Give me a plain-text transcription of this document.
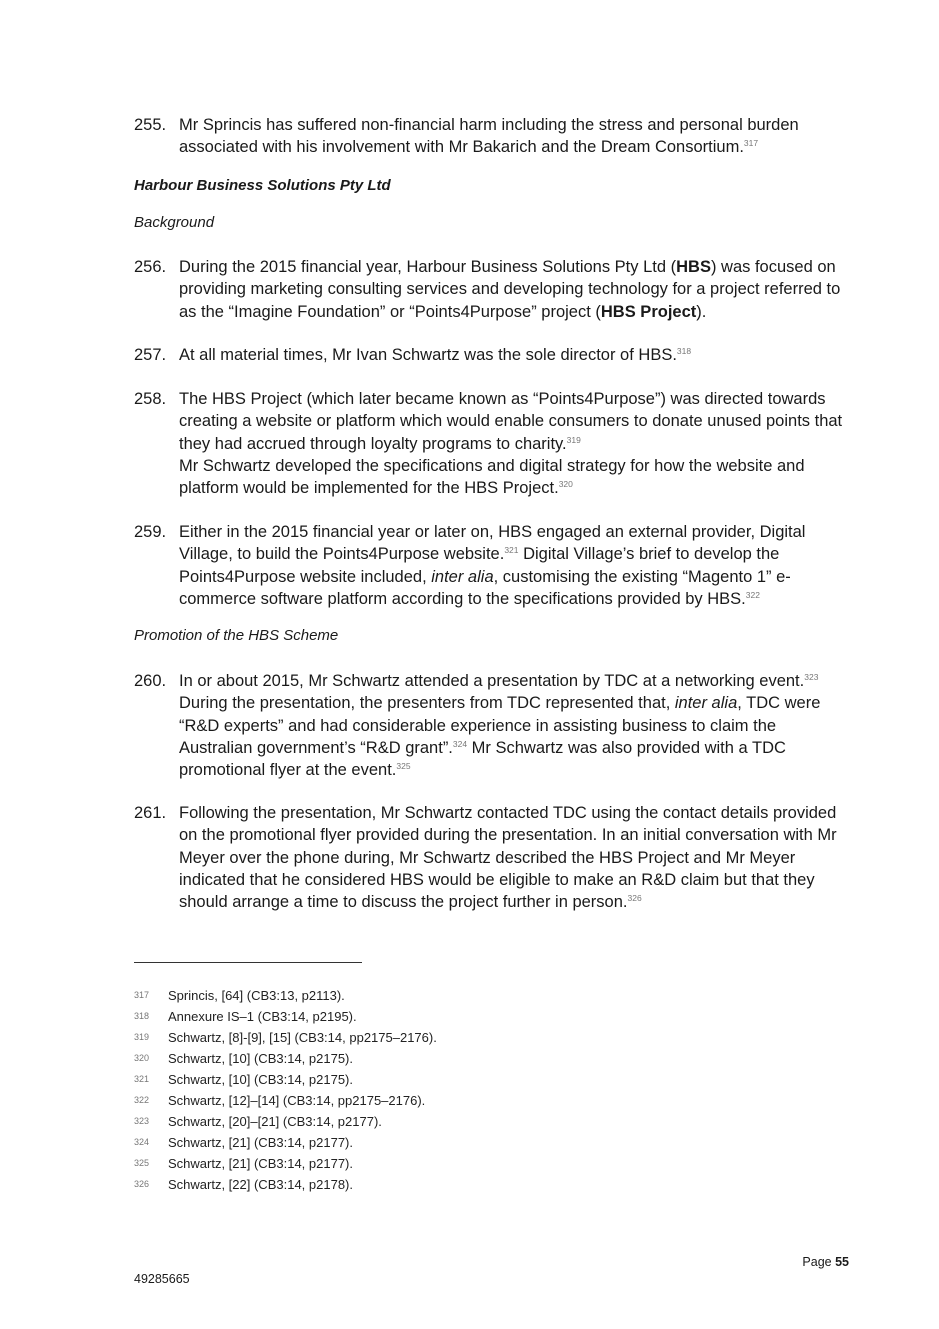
255. Mr Sprincis has suffered non-financial harm including the stress and personal burden associated with his involvement with Mr Bakarich and the Dream Consortium.$^{317}$
Harbour Business Solutions Pty Ltd
Background
256. During the 2015 financial year, Harbour Business Solutions Pty Ltd (HBS) was focused on providing marketing consulting services and developing technology for a project referred to as the “Imagine Foundation” or “Points4Purpose” project (HBS Project).
257. At all material times, Mr Ivan Schwartz was the sole director of HBS.$^{318}$
258. The HBS Project (which later became known as “Points4Purpose”) was directed towards creating a website or platform which would enable consumers to donate unused points that they had accrued through loyalty programs to charity.$^{319}$
Mr Schwartz developed the specifications and digital strategy for how the website and platform would be implemented for the HBS Project.$^{320}$
259. Either in the 2015 financial year or later on, HBS engaged an external provider, Digital Village, to build the Points4Purpose website.$^{321}$ Digital Village’s brief to develop the Points4Purpose website included, inter alia, customising the existing “Magento 1” e-commerce software platform according to the specifications provided by HBS.$^{322}$
Promotion of the HBS Scheme
260. In or about 2015, Mr Schwartz attended a presentation by TDC at a networking event.$^{323}$ During the presentation, the presenters from TDC represented that, inter alia, TDC were “R&D experts” and had considerable experience in assisting business to claim the Australian government’s “R&D grant”.$^{324}$ Mr Schwartz was also provided with a TDC promotional flyer at the event.$^{325}$
261. Following the presentation, Mr Schwartz contacted TDC using the contact details provided on the promotional flyer provided during the presentation. In an initial conversation with Mr Meyer over the phone during, Mr Schwartz described the HBS Project and Mr Meyer indicated that he considered HBS would be eligible to make an R&D claim but that they should arrange a time to discuss the project further in person.$^{326}$
317 Sprincis, [64] (CB3:13, p2113).
318 Annexure IS–1 (CB3:14, p2195).
319 Schwartz, [8]-[9], [15] (CB3:14, pp2175–2176).
320 Schwartz, [10] (CB3:14, p2175).
321 Schwartz, [10] (CB3:14, p2175).
322 Schwartz, [12]–[14] (CB3:14, pp2175–2176).
323 Schwartz, [20]–[21] (CB3:14, p2177).
324 Schwartz, [21] (CB3:14, p2177).
325 Schwartz, [21] (CB3:14, p2177).
326 Schwartz, [22] (CB3:14, p2178).
Page 55
49285665
